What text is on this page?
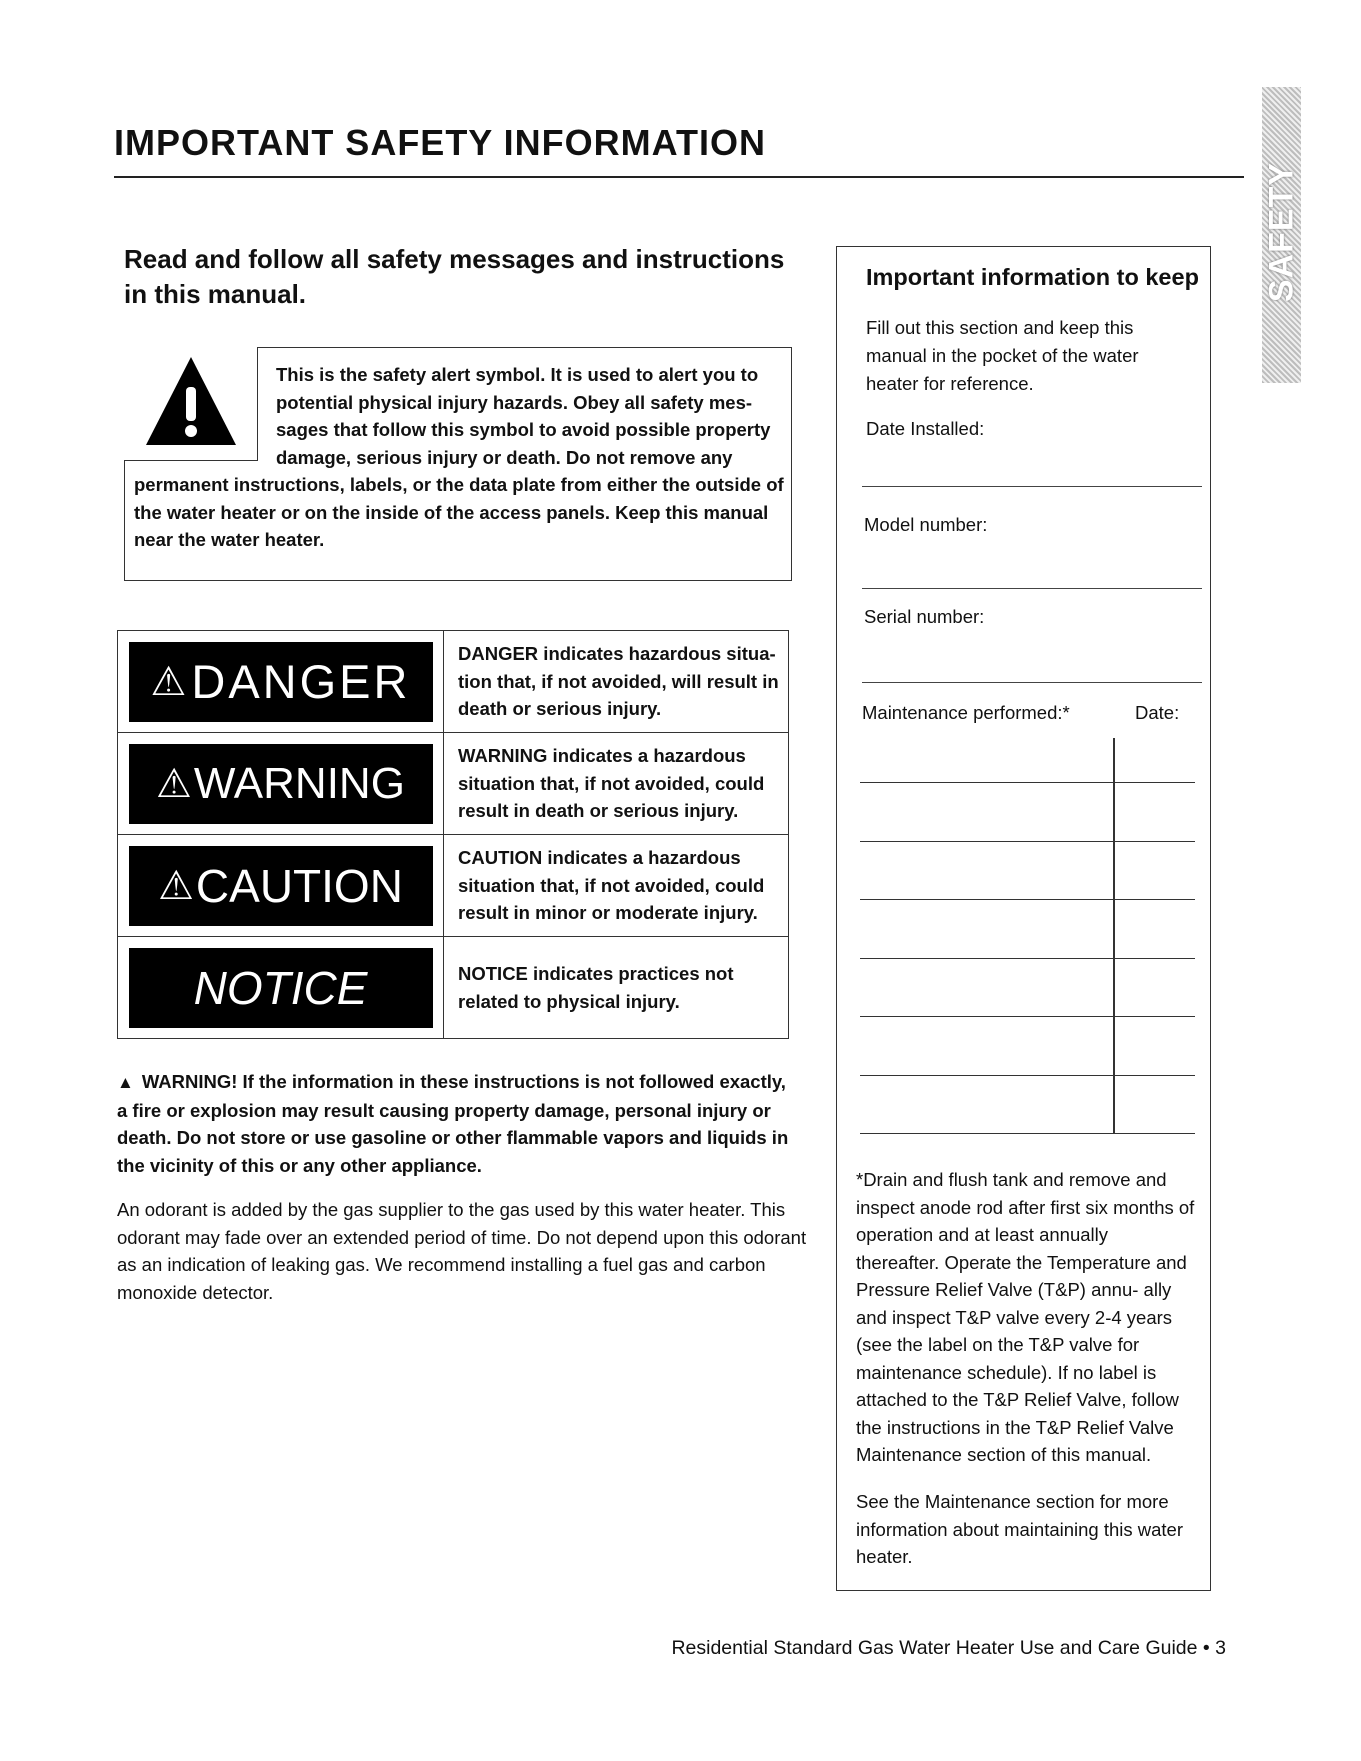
IMPORTANT SAFETY INFORMATION
SAFETY
Read and follow all safety messages and instructions in this manual.
This is the safety alert symbol. It is used to alert you to
potential physical injury hazards. Obey all safety mes-
sages that follow this symbol to avoid possible property
damage, serious injury or death. Do not remove any
permanent instructions, labels, or the data plate from either the outside of
the water heater or on the inside of the access panels. Keep this manual
near the water heater.
⚠ DANGER	DANGER indicates hazardous situa- tion that, if not avoided, will result in death or serious injury.

⚠ WARNING	WARNING indicates a hazardous situation that, if not avoided, could result in death or serious injury.

⚠ CAUTION	CAUTION indicates a hazardous situation that, if not avoided, could result in minor or moderate injury.

NOTICE	NOTICE indicates practices not related to physical injury.
▲ WARNING! If the information in these instructions is not followed exactly, a fire or explosion may result causing property damage, personal injury or death. Do not store or use gasoline or other flammable vapors and liquids in the vicinity of this or any other appliance.
An odorant is added by the gas supplier to the gas used by this water heater. This odorant may fade over an extended period of time. Do not depend upon this odorant as an indication of leaking gas. We recommend installing a fuel gas and carbon monoxide detector.
Important information to keep
Fill out this section and keep this manual in the pocket of the water heater for reference.
Date Installed:
Model number:
Serial number:
Maintenance performed:*	Date:
*Drain and flush tank and remove and inspect anode rod after first six months of operation and at least annually thereafter. Operate the Temperature and Pressure Relief Valve (T&P) annu- ally and inspect T&P valve every 2-4 years (see the label on the T&P valve for maintenance schedule). If no label is attached to the T&P Relief Valve, follow the instructions in the T&P Relief Valve Maintenance section of this manual.
See the Maintenance section for more information about maintaining this water heater.
Residential Standard Gas Water Heater Use and Care Guide • 3
